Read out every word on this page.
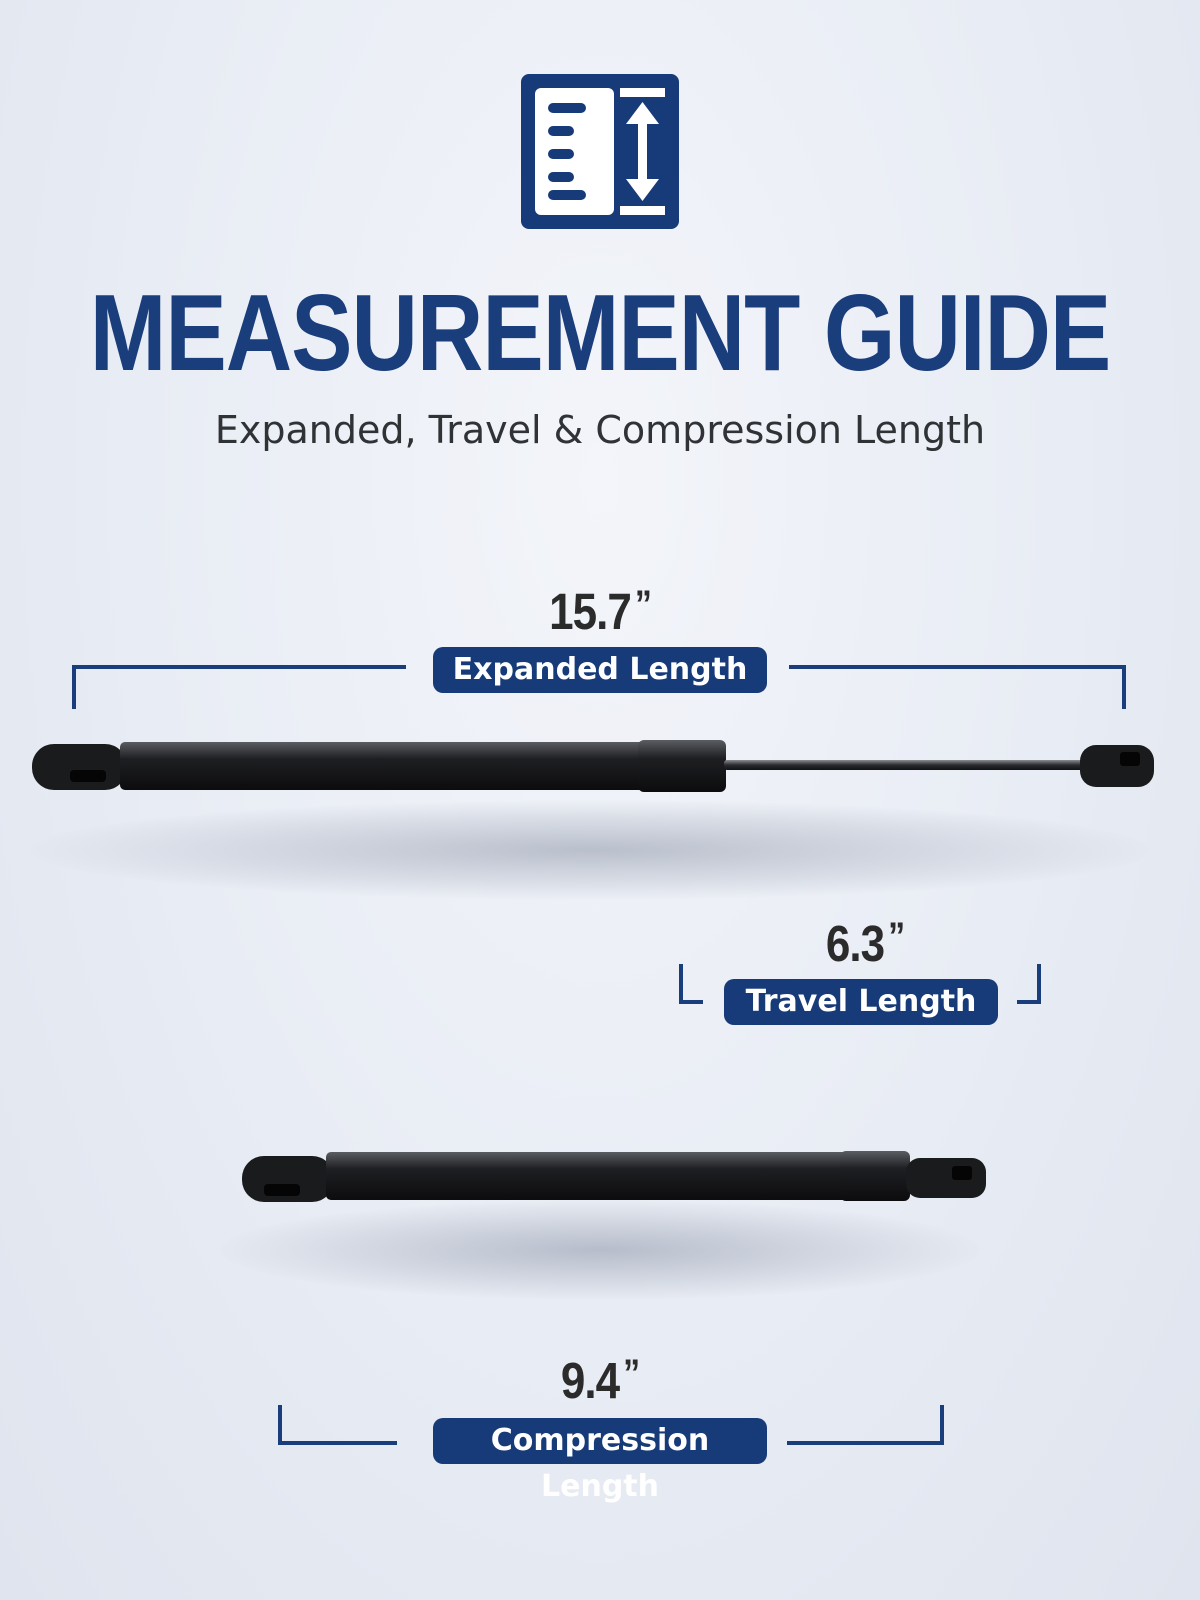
MEASUREMENT GUIDE
Expanded, Travel & Compression Length
15.7 ”
Expanded Length
6.3 ”
Travel Length
9.4 ”
Compression Length
